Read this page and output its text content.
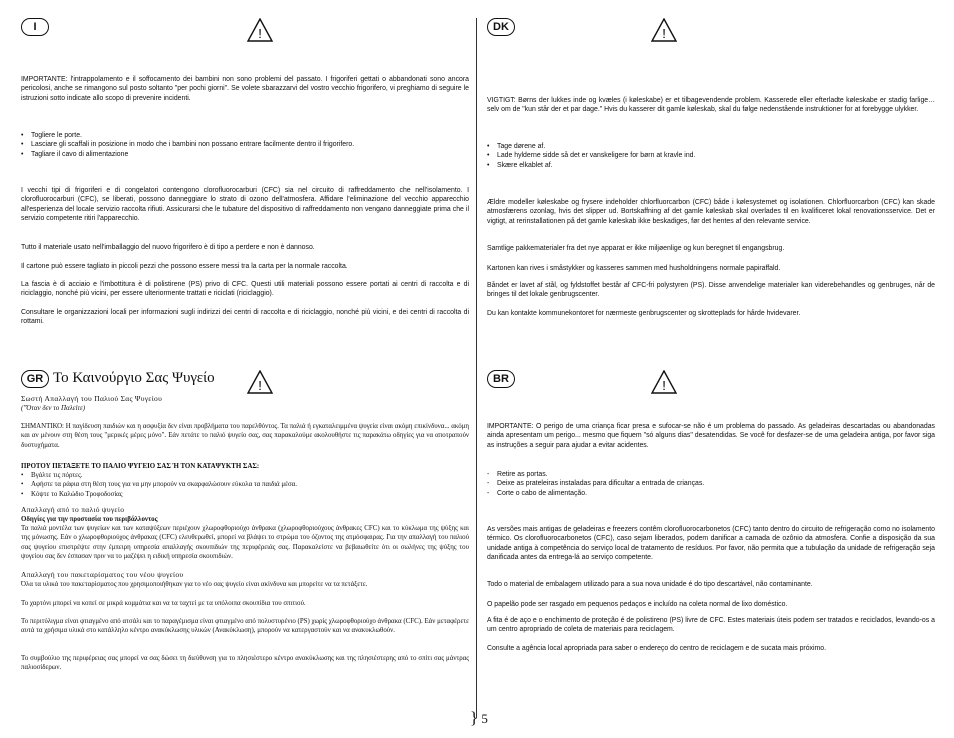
I	!
IMPORTANTE: l'intrappolamento e il soffocamento dei bambini non sono problemi del passato. I frigoriferi gettati o abbandonati sono ancora pericolosi, anche se rimangono sul posto soltanto "per pochi giorni". Se volete sbarazzarvi del vostro vecchio frigorifero, vi preghiamo di seguire le istruzioni sotto indicate allo scopo di prevenire incidenti.
• Togliere le porte.
• Lasciare gli scaffali in posizione in modo che i bambini non possano entrare facilmente dentro il frigorifero.
• Tagliare il cavo di alimentazione
I vecchi tipi di frigoriferi e di congelatori contengono clorofluorocarburi (CFC) sia nel circuito di raffreddamento che nell'isolamento. I clorofluorocarburi (CFC), se liberati, possono danneggiare lo strato di ozono dell'atmosfera. Affidare l'eliminazione del vecchio apparecchio all'esperienza del locale servizio raccolta rifiuti. Assicurarsi che le tubature del dispositivo di raffreddamento non vengano danneggiate prima che il servizio competente ritiri l'apparecchio.
Tutto il materiale usato nell'imballaggio del nuovo frigorifero è di tipo a perdere e non è dannoso.
Il cartone può essere tagliato in piccoli pezzi che possono essere messi tra la carta per la normale raccolta.
La fascia è di acciaio e l'imbottitura è di polistirene (PS) privo di CFC. Questi utili materiali possono essere portati ai centri di raccolta e di riciclaggio, nonché più vicini, per essere ulteriormente trattati e riciclati (riciclaggio).
Consultare le organizzazioni locali per informazioni sugli indirizzi dei centri di raccolta e di riciclaggio, nonché più vicini, e dei centri di raccolta di rottami.
DK	!
VIGTIGT: Børns der lukkes inde og kvæles (i køleskabe) er et tilbagevendende problem. Kasserede eller efterladte køleskabe er stadig farlige… selv om de "kun står der et par dage." Hvis du kasserer dit gamle køleskab, skal du følge nedenstående instruktioner for at forebygge ulykker.
• Tage dørene af.
• Lade hylderne sidde så det er vanskeligere for børn at kravle ind.
• Skære elkablet af.
Ældre modeller køleskabe og frysere indeholder chlorfluorcarbon (CFC) både i kølesystemet og isolationen. Chlorfluorcarbon (CFC) kan skade atmosfærens ozonlag, hvis det slipper ud. Bortskaffning af det gamle køleskab skal overlades til en kvalificeret lokal renovationsservice. Det er vigtigt, at rerinstallationen på det gamle køleskab ikke beskadiges, før det hentes af den relevante service.
Samtlige pakkematerialer fra det nye apparat er ikke miljøenlige og kun beregnet til engangsbrug.
Kartonen kan rives i småstykker og kasseres sammen med husholdningens normale papiraffald.
Båndet er lavet af stål, og fyldstoffet består af CFC-fri polystyren (PS). Disse anvendelige materialer kan viderebehandles og genbruges, når de bringes til det lokale genbrugscenter.
Du kan kontakte kommunekontoret for nærmeste genbrugscenter og skrotteplads for hårde hvidevarer.
GR Το Καινούργιο Σας Ψυγείο	!
Σωστή Απαλλαγή του Παλιού Σας Ψυγείου
("Όταν δεν το Παλείτε)
ΣΗΜΑΝΤΙΚΟ: Η παγίδευση παιδιών και η ασφυξία δεν είναι προβλήματα του παρελθόντος. Τα παλιά ή εγκαταλειμμένα ψυγεία είναι ακόμη επικίνδυνα... ακόμη και αν μένουν στη θέση τους "μερικές μέρες μόνο". Εάν πετάτε το παλιό ψυγείο σας, σας παρακαλούμε ακολουθήστε τις παρακάτω οδηγίες για να αποτραπούν δυστυχήματα.
ΠΡΟΤΟΥ ΠΕΤΑΞΕΤΕ ΤΟ ΠΑΛΙΟ ΨΥΓΕΙΟ ΣΑΣ Ή ΤΟΝ ΚΑΤΑΨΥΚΤΗ ΣΑΣ:
• Βγάλτε τις πόρτες.
• Αφήστε τα ράφια στη θέση τους για να μην μπορούν να σκαρφαλώσουν εύκολα τα παιδιά μέσα.
• Κόψτε το Καλώδιο Τροφοδοσίας
Απαλλαγή από το παλιό ψυγείο
Οδηγίες για την προστασία του περιβάλλοντος
Τα παλιά μοντέλα των ψυγείων και των καταψύξεων περιέχουν χλωροφθοριούχο άνθρακα (χλωροφθοριούχους άνθρακες CFC) και το κύκλωμα της ψύξης και της μόνωσης. Εάν ο χλωροφθοριούχος άνθρακας (CFC) ελευθερωθεί, μπορεί να βλάψει το στρώμα του όζοντος της ατμόσφαιρας. Για την απαλλαγή του παλιού σας ψυγείου επιστρέψτε στην έμπειρη υπηρεσία απαλλαγής σκουπιδιών της περιφέρειάς σας. Παρακαλείστε να βεβαιωθείτε ότι οι σωλήνες της ψύξης του ψυγείου σας δεν έσπασαν πριν να το μαζέψει η ειδική υπηρεσία σκουπιδιών.
Απαλλαγή του πακεταρίσματος του νέου ψυγείου
Όλα τα υλικά του πακεταρίσματος που χρησιμοποιήθηκαν για το νέο σας ψυγείο είναι ακίνδυνα και μπορείτε να τα πετάξετε.
Το χαρτόνι μπορεί να κοπεί σε μικρά κομμάτια και να τα ταχτεί με τα υπόλοιπα σκουπίδια του σπιτιού.
Το περιτύλιγμα είναι φτιαγμένο από ατσάλι και το παραγέμισμα είναι φτιαγμένο από πολυστυρένιο (PS) χωρίς χλωροφθοριούχο άνθρακα (CFC). Εάν μεταφέρετε αυτά τα χρήσιμα υλικά στο κατάλληλο κέντρο ανακύκλωσης υλικών (Ανακύκλωση), μπορούν να κατεργαστούν και να ανακυκλωθούν.
Το συμβούλιο της περιφέρειας σας μπορεί να σας δώσει τη διεύθυνση για το πλησιέστερο κέντρο ανακύκλωσης και της πλησιέστερης από το σπίτι σας μάντρας παλιοσίδερων.
BR	!
IMPORTANTE: O perigo de uma criança ficar presa e sufocar-se não é um problema do passado. As geladeiras descartadas ou abandonadas ainda apresentam um perigo... mesmo que fiquem "só alguns dias" desatendidas. Se você for desfazer-se de uma geladeira antiga, por favor siga as instruções a seguir para ajudar a evitar acidentes.
- Retire as portas.
- Deixe as prateleiras instaladas para dificultar a entrada de crianças.
- Corte o cabo de alimentação.
As versões mais antigas de geladeiras e freezers contêm clorofluorocarbonetos (CFC) tanto dentro do circuito de refrigeração como no isolamento térmico. Os clorofluorocarbonetos (CFC), caso sejam liberados, podem danificar a camada de ozônio da atmosfera. Confie a disposição da sua unidade antiga à competência do serviço local de tratamento de resíduos. Por favor, não permita que a tubulação da unidade de refrigeração seja danificada antes da entrega-lá ao serviço competente.
Todo o material de embalagem utilizado para a sua nova unidade é do tipo descartável, não contaminante.
O papelão pode ser rasgado em pequenos pedaços e incluído na coleta normal de lixo doméstico.
A fita é de aço e o enchimento de proteção é de polistireno (PS) livre de CFC. Estes materiais úteis podem ser tratados e reciclados, levando-os a um centro apropriado de coleta de materiais para reciclagem.
Consulte a agência local apropriada para saber o endereço do centro de reciclagem e de sucata mais próximo.
} 5
